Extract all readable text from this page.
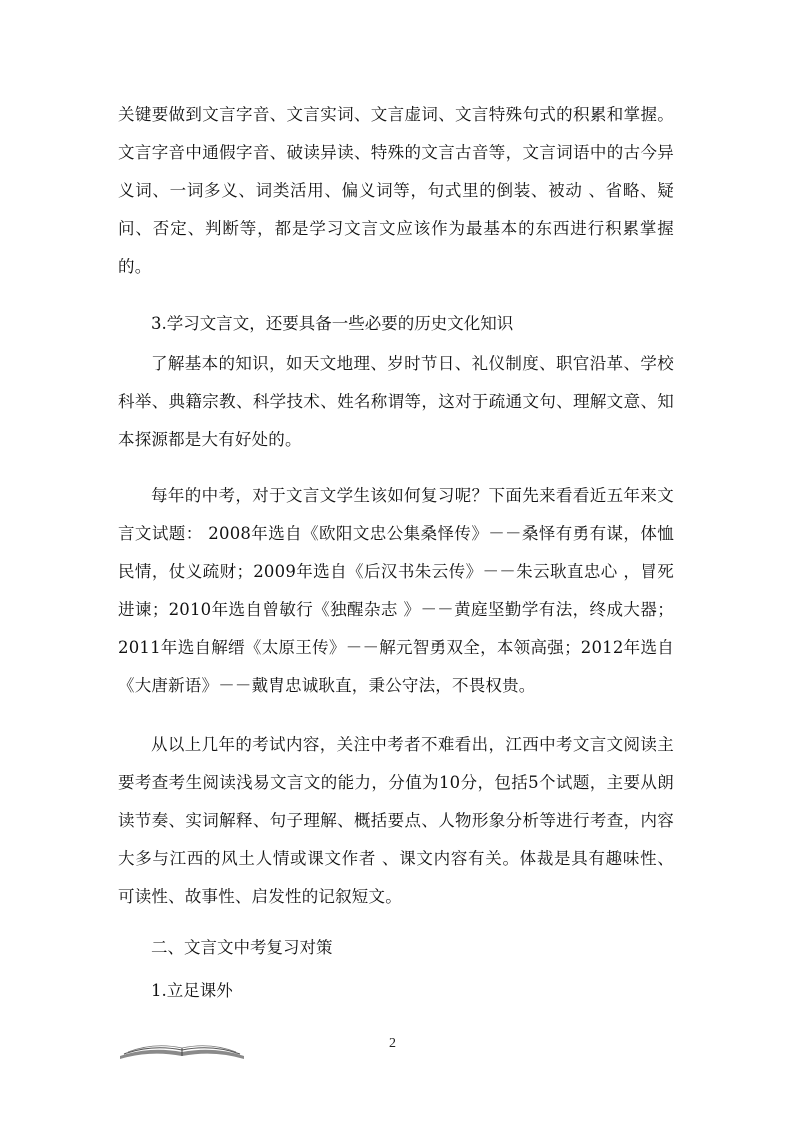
关键要做到文言字音、文言实词、文言虚词、文言特殊句式的积累和掌握。文言字音中通假字音、破读异读、特殊的文言古音等，文言词语中的古今异义词、一词多义、词类活用、偏义词等，句式里的倒装、被动 、省略、疑问、否定、判断等，都是学习文言文应该作为最基本的东西进行积累掌握的。

3.学习文言文，还要具备一些必要的历史文化知识

了解基本的知识，如天文地理、岁时节日、礼仪制度、职官沿革、学校科举、典籍宗教、科学技术、姓名称谓等，这对于疏通文句、理解文意、知本探源都是大有好处的。

每年的中考，对于文言文学生该如何复习呢？下面先来看看近五年来文言文试题： 2008年选自《欧阳文忠公集桑怿传》－－桑怿有勇有谋，体恤民情，仗义疏财；2009年选自《后汉书朱云传》－－朱云耿直忠心 ，冒死进谏；2010年选自曾敏行《独醒杂志 》－－黄庭坚勤学有法，终成大器；2011年选自解缙《太原王传》－－解元智勇双全，本领高强；2012年选自《大唐新语》－－戴胄忠诚耿直，秉公守法，不畏权贵。

从以上几年的考试内容，关注中考者不难看出，江西中考文言文阅读主要考查考生阅读浅易文言文的能力，分值为10分，包括5个试题，主要从朗读节奏、实词解释、句子理解、概括要点、人物形象分析等进行考查，内容大多与江西的风土人情或课文作者 、课文内容有关。体裁是具有趣味性、可读性、故事性、启发性的记叙短文。

二、文言文中考复习对策

1.立足课外

2
